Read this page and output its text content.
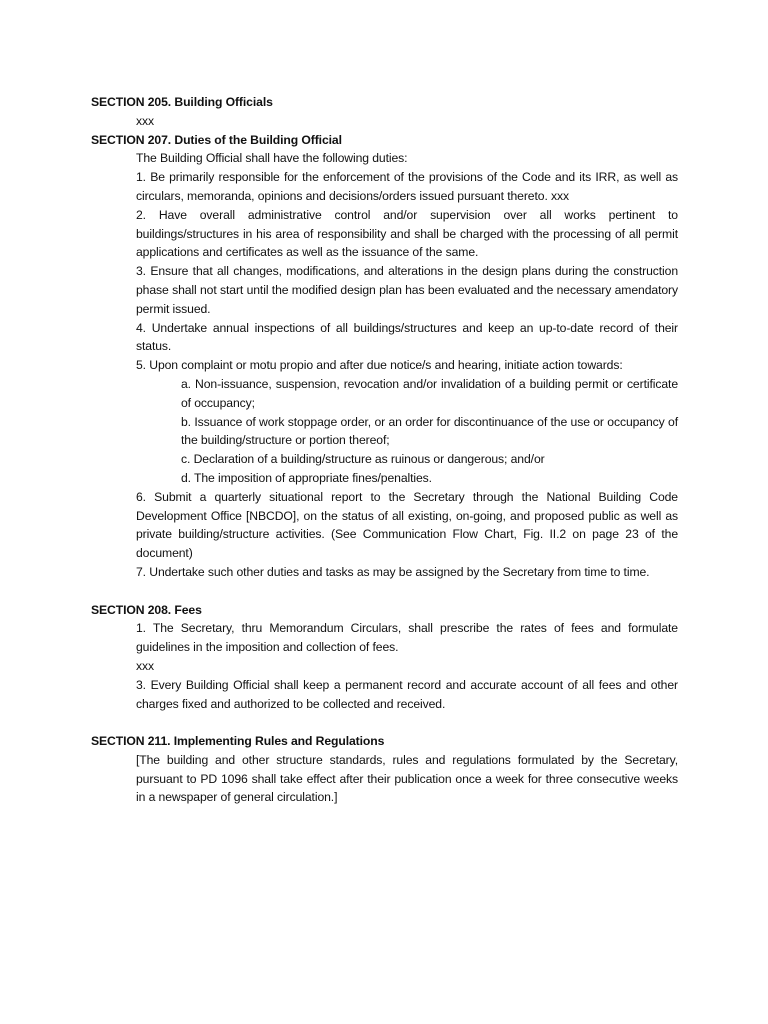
SECTION 205. Building Officials

xxx

SECTION 207. Duties of the Building Official

The Building Official shall have the following duties:

1. Be primarily responsible for the enforcement of the provisions of the Code and its IRR, as well as circulars, memoranda, opinions and decisions/orders issued pursuant thereto. xxx

2. Have overall administrative control and/or supervision over all works pertinent to buildings/structures in his area of responsibility and shall be charged with the processing of all permit applications and certificates as well as the issuance of the same.

3. Ensure that all changes, modifications, and alterations in the design plans during the construction phase shall not start until the modified design plan has been evaluated and the necessary amendatory permit issued.

4. Undertake annual inspections of all buildings/structures and keep an up-to-date record of their status.

5. Upon complaint or motu propio and after due notice/s and hearing, initiate action towards:

a. Non-issuance, suspension, revocation and/or invalidation of a building permit or certificate of occupancy;

b. Issuance of work stoppage order, or an order for discontinuance of the use or occupancy of the building/structure or portion thereof;

c. Declaration of a building/structure as ruinous or dangerous; and/or

d. The imposition of appropriate fines/penalties.

6. Submit a quarterly situational report to the Secretary through the National Building Code Development Office [NBCDO], on the status of all existing, on-going, and proposed public as well as private building/structure activities. (See Communication Flow Chart, Fig. II.2 on page 23 of the document)

7. Undertake such other duties and tasks as may be assigned by the Secretary from time to time.

SECTION 208. Fees

1. The Secretary, thru Memorandum Circulars, shall prescribe the rates of fees and formulate guidelines in the imposition and collection of fees.

xxx

3. Every Building Official shall keep a permanent record and accurate account of all fees and other charges fixed and authorized to be collected and received.

SECTION 211. Implementing Rules and Regulations

[The building and other structure standards, rules and regulations formulated by the Secretary, pursuant to PD 1096 shall take effect after their publication once a week for three consecutive weeks in a newspaper of general circulation.]
